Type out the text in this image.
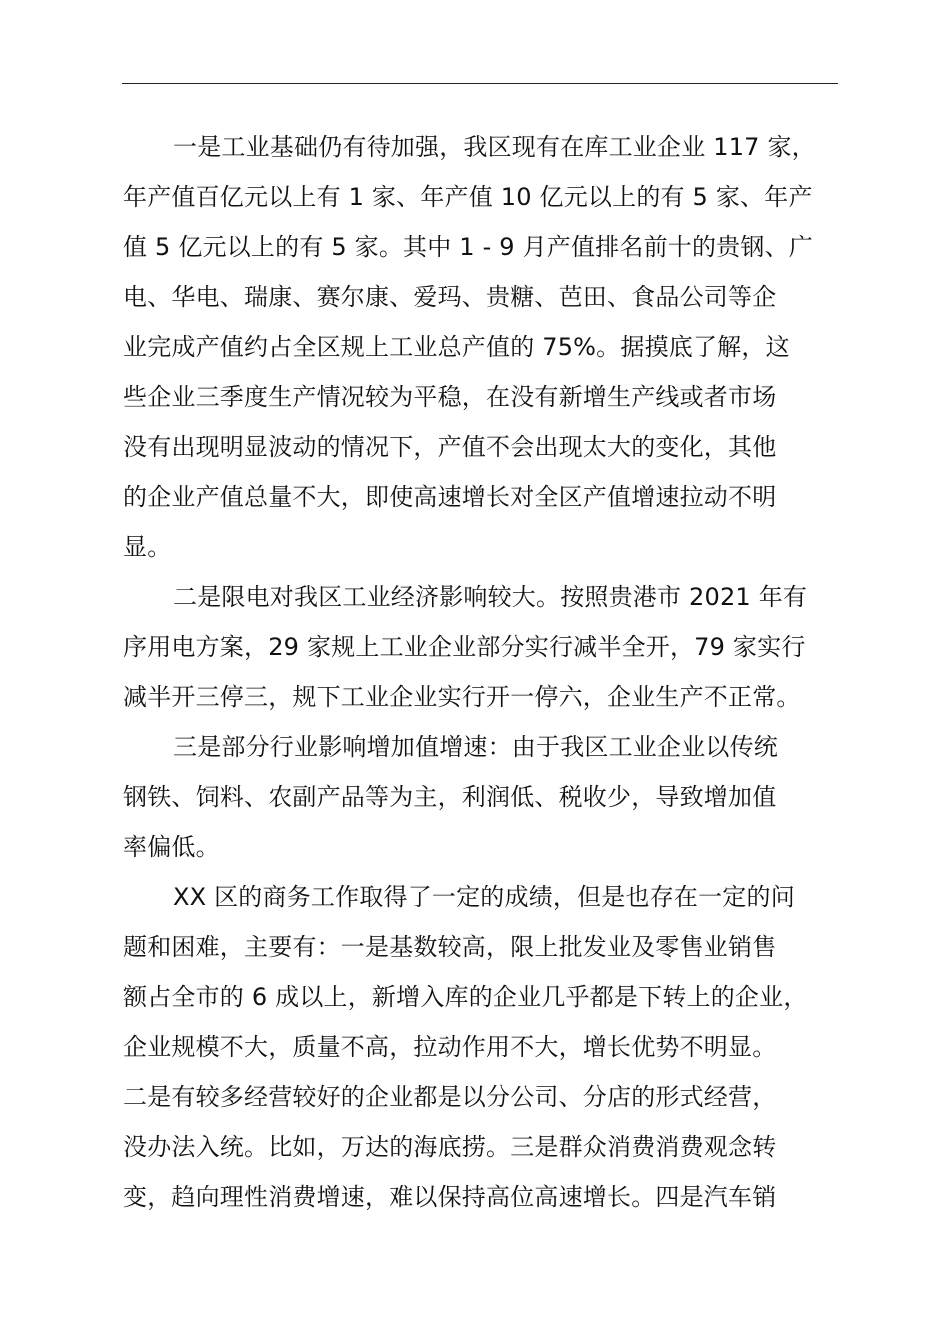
一是工业基础仍有待加强，我区现有在库工业企业 117 家，
年产值百亿元以上有 1 家、年产值 10 亿元以上的有 5 家、年产
值 5 亿元以上的有 5 家。其中 1 - 9 月产值排名前十的贵钢、广
电、华电、瑞康、赛尔康、爱玛、贵糖、芭田、食品公司等企
业完成产值约占全区规上工业总产值的 75%。据摸底了解，这
些企业三季度生产情况较为平稳，在没有新增生产线或者市场
没有出现明显波动的情况下，产值不会出现太大的变化，其他
的企业产值总量不大，即使高速增长对全区产值增速拉动不明
显。
二是限电对我区工业经济影响较大。按照贵港市 2021 年有
序用电方案，29 家规上工业企业部分实行减半全开，79 家实行
减半开三停三，规下工业企业实行开一停六，企业生产不正常。
三是部分行业影响增加值增速：由于我区工业企业以传统
钢铁、饲料、农副产品等为主，利润低、税收少，导致增加值
率偏低。
XX 区的商务工作取得了一定的成绩，但是也存在一定的问
题和困难，主要有：一是基数较高，限上批发业及零售业销售
额占全市的 6 成以上，新增入库的企业几乎都是下转上的企业，
企业规模不大，质量不高，拉动作用不大，增长优势不明显。
二是有较多经营较好的企业都是以分公司、分店的形式经营，
没办法入统。比如，万达的海底捞。三是群众消费消费观念转
变，趋向理性消费增速，难以保持高位高速增长。四是汽车销
